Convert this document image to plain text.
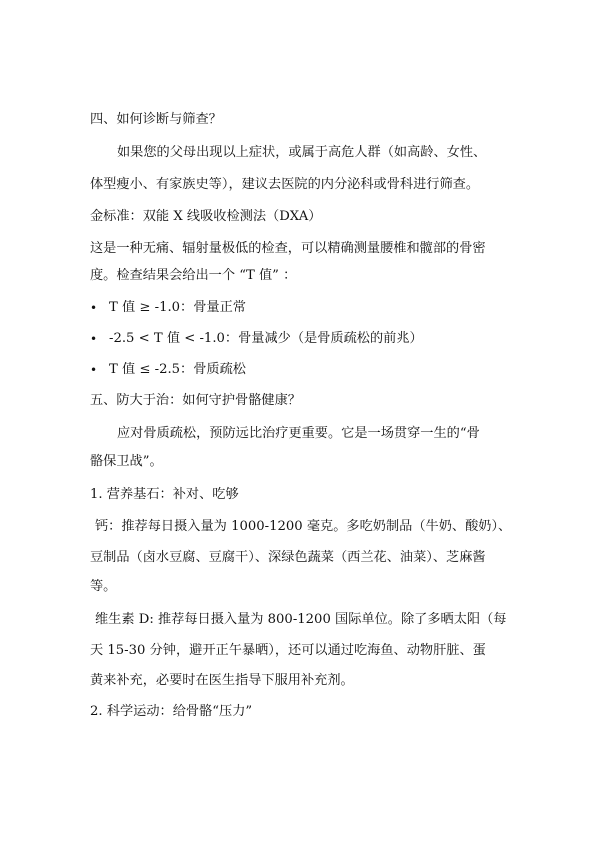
四、如何诊断与筛查？
如果您的父母出现以上症状，或属于高危人群（如高龄、女性、
体型瘦小、有家族史等），建议去医院的内分泌科或骨科进行筛查。
金标准：双能 X 线吸收检测法（DXA）
这是一种无痛、辐射量极低的检查，可以精确测量腰椎和髋部的骨密
度。检查结果会给出一个 “T 值” ：
• T 值 ≥ -1.0：骨量正常
• -2.5 < T 值 < -1.0：骨量减少（是骨质疏松的前兆）
• T 值 ≤ -2.5：骨质疏松
五、防大于治：如何守护骨骼健康？
应对骨质疏松，预防远比治疗更重要。它是一场贯穿一生的“骨
骼保卫战”。
1. 营养基石：补对、吃够
钙：推荐每日摄入量为 1000-1200 毫克。多吃奶制品（牛奶、酸奶）、
豆制品（卤水豆腐、豆腐干）、深绿色蔬菜（西兰花、油菜）、芝麻酱
等。
维生素 D: 推荐每日摄入量为 800-1200 国际单位。除了多晒太阳（每
天 15-30 分钟，避开正午暴晒），还可以通过吃海鱼、动物肝脏、蛋
黄来补充，必要时在医生指导下服用补充剂。
2. 科学运动：给骨骼“压力”
